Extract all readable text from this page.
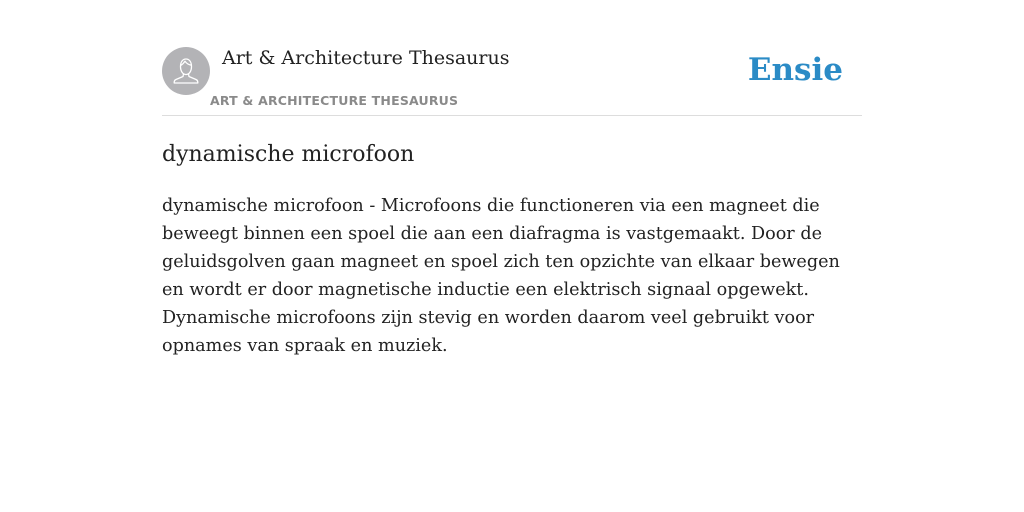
Art & Architecture Thesaurus

ART & ARCHITECTURE THESAURUS

Ensie
dynamische microfoon

dynamische microfoon - Microfoons die functioneren via een magneet die beweegt binnen een spoel die aan een diafragma is vastgemaakt. Door de geluidsgolven gaan magneet en spoel zich ten opzichte van elkaar bewegen en wordt er door magnetische inductie een elektrisch signaal opgewekt. Dynamische microfoons zijn stevig en worden daarom veel gebruikt voor opnames van spraak en muziek.
